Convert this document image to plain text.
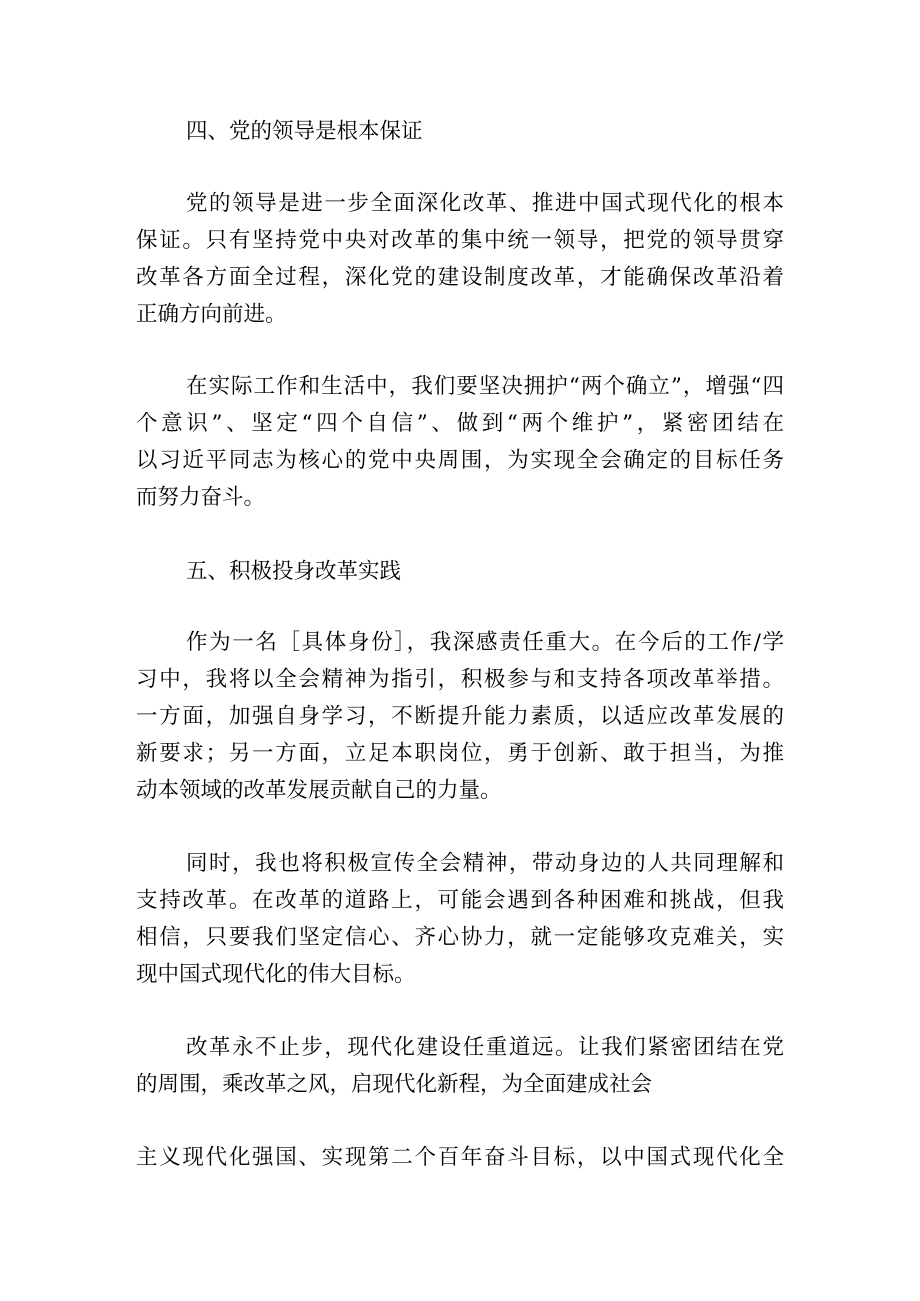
四、党的领导是根本保证

党的领导是进一步全面深化改革、推进中国式现代化的根本

保证。只有坚持党中央对改革的集中统一领导，把党的领导贯穿

改革各方面全过程，深化党的建设制度改革，才能确保改革沿着

正确方向前进。

在实际工作和生活中，我们要坚决拥护“两个确立”，增强“四

个意识”、坚定“四个自信”、做到“两个维护”，紧密团结在

以习近平同志为核心的党中央周围，为实现全会确定的目标任务

而努力奋斗。

五、积极投身改革实践

作为一名［具体身份］，我深感责任重大。在今后的工作/学

习中，我将以全会精神为指引，积极参与和支持各项改革举措。

一方面，加强自身学习，不断提升能力素质，以适应改革发展的

新要求；另一方面，立足本职岗位，勇于创新、敢于担当，为推

动本领域的改革发展贡献自己的力量。

同时，我也将积极宣传全会精神，带动身边的人共同理解和

支持改革。在改革的道路上，可能会遇到各种困难和挑战，但我

相信，只要我们坚定信心、齐心协力，就一定能够攻克难关，实

现中国式现代化的伟大目标。

改革永不止步，现代化建设任重道远。让我们紧密团结在党

的周围，乘改革之风，启现代化新程，为全面建成社会

主义现代化强国、实现第二个百年奋斗目标，以中国式现代化全
